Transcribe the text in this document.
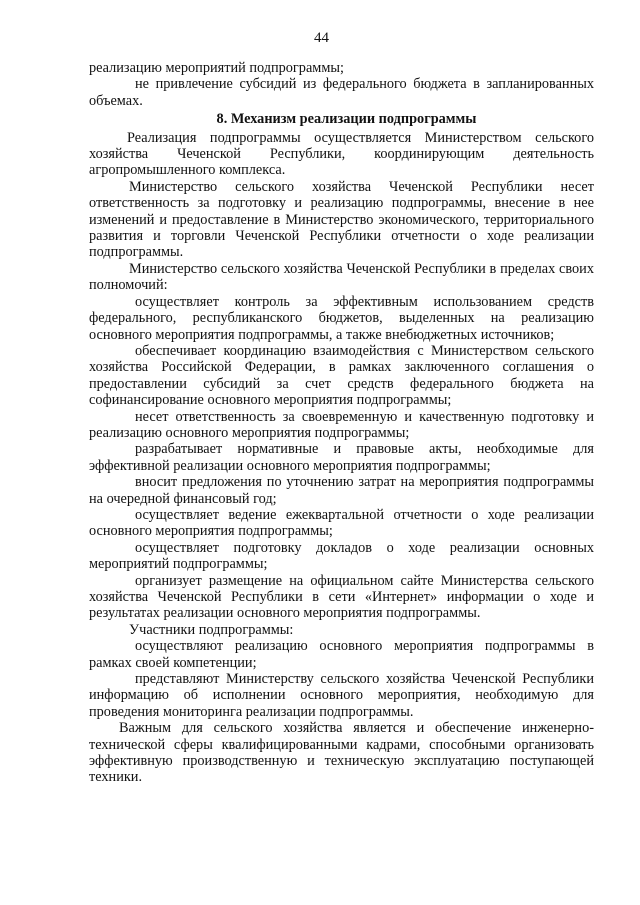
44

реализацию мероприятий подпрограммы;

не привлечение субсидий из федерального бюджета в запланированных объемах.

8. Механизм реализации подпрограммы

Реализация подпрограммы осуществляется Министерством сельского хозяйства Чеченской Республики, координирующим деятельность агропромышленного комплекса.

Министерство сельского хозяйства Чеченской Республики несет ответственность за подготовку и реализацию подпрограммы, внесение в нее изменений и предоставление в Министерство экономического, территориального развития и торговли Чеченской Республики отчетности о ходе реализации подпрограммы.

Министерство сельского хозяйства Чеченской Республики в пределах своих полномочий:

осуществляет контроль за эффективным использованием средств федерального, республиканского бюджетов, выделенных на реализацию основного мероприятия подпрограммы, а также внебюджетных источников;

обеспечивает координацию взаимодействия с Министерством сельского хозяйства Российской Федерации, в рамках заключенного соглашения о предоставлении субсидий за счет средств федерального бюджета на софинансирование основного мероприятия подпрограммы;

несет ответственность за своевременную и качественную подготовку и реализацию основного мероприятия подпрограммы;

разрабатывает нормативные и правовые акты, необходимые для эффективной реализации основного мероприятия подпрограммы;

вносит предложения по уточнению затрат на мероприятия подпрограммы на очередной финансовый год;

осуществляет ведение ежеквартальной отчетности о ходе реализации основного мероприятия подпрограммы;

осуществляет подготовку докладов о ходе реализации основных мероприятий подпрограммы;

организует размещение на официальном сайте Министерства сельского хозяйства Чеченской Республики в сети «Интернет» информации о ходе и результатах реализации основного мероприятия подпрограммы.

Участники подпрограммы:

осуществляют реализацию основного мероприятия подпрограммы в рамках своей компетенции;

представляют Министерству сельского хозяйства Чеченской Республики информацию об исполнении основного мероприятия, необходимую для проведения мониторинга реализации подпрограммы.

Важным для сельского хозяйства является и обеспечение инженерно-технической сферы квалифицированными кадрами, способными организовать эффективную производственную и техническую эксплуатацию поступающей техники.
